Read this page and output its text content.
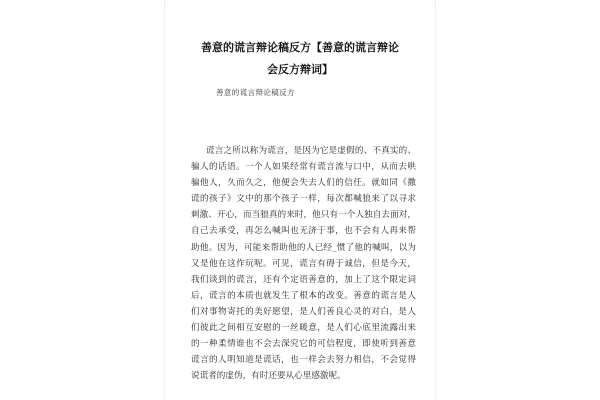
善意的谎言辩论稿反方【善意的谎言辩论
会反方辩词】
善意的谎言辩论稿反方
谎言之所以称为谎言，是因为它是虚假的、不真实的、
骗人的话语。一个人如果经常有谎言流与口中，从而去哄
骗他人，久而久之，他便会失去人们的信任。就如同《撒
谎的孩子》文中的那个孩子一样，每次都喊狼来了以寻求
刺激、开心，而当狼真的来时，他只有一个人独自去面对，
自己去承受，再怎么喊叫也无济于事，也不会有人再来帮
助他。因为，可能来帮助他的人已经_惯了他的喊叫，以为
又是他在这作玩呢。可见，谎言有碍于诚信，但是今天，
我们谈到的谎言，还有个定语善意的，加上了这个限定词
后，谎言的本质也就发生了根本的改变。善意的谎言是人
们对事物寄托的美好愿望，是人们善良心灵的对白，是人
们彼此之间相互安慰的一丝暖意，是人们心底里流露出来
的一种柔情谁也不会去深究它的可信程度，即使听到善意
谎言的人明知道是谎话，也一样会去努力相信，不会觉得
说谎者的虚伪，有时还要从心里感激呢。
